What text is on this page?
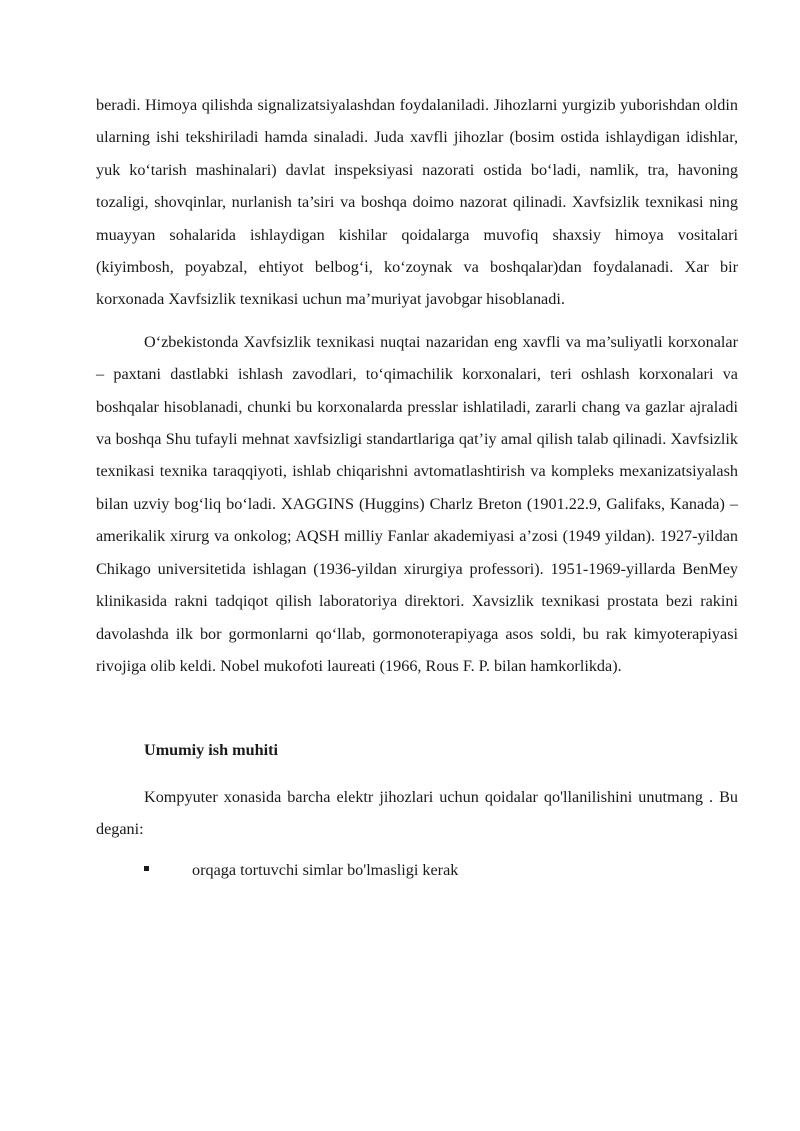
beradi. Himoya qilishda signalizatsiyalashdan foydalaniladi. Jihozlarni yurgizib yuborishdan oldin ularning ishi tekshiriladi hamda sinaladi. Juda xavfli jihozlar (bosim ostida ishlaydigan idishlar, yuk ko‘tarish mashinalari) davlat inspeksiyasi nazorati ostida bo‘ladi, namlik, tra, havoning tozaligi, shovqinlar, nurlanish ta’siri va boshqa doimo nazorat qilinadi. Xavfsizlik texnikasi ning muayyan sohalarida ishlaydigan kishilar qoidalarga muvofiq shaxsiy himoya vositalari (kiyimbosh, poyabzal, ehtiyot belbog‘i, ko‘zoynak va boshqalar)dan foydalanadi. Xar bir korxonada Xavfsizlik texnikasi uchun ma’muriyat javobgar hisoblanadi.

O‘zbekistonda Xavfsizlik texnikasi nuqtai nazaridan eng xavfli va ma’suliyatli korxonalar – paxtani dastlabki ishlash zavodlari, to‘qimachilik korxonalari, teri oshlash korxonalari va boshqalar hisoblanadi, chunki bu korxonalarda presslar ishlatiladi, zararli chang va gazlar ajraladi va boshqa Shu tufayli mehnat xavfsizligi standartlariga qat’iy amal qilish talab qilinadi. Xavfsizlik texnikasi texnika taraqqiyoti, ishlab chiqarishni avtomatlashtirish va kompleks mexanizatsiyalash bilan uzviy bog‘liq bo‘ladi. XAGGINS (Huggins) Charlz Breton (1901.22.9, Galifaks, Kanada) – amerikalik xirurg va onkolog; AQSH milliy Fanlar akademiyasi a’zosi (1949 yildan). 1927-yildan Chikago universitetida ishlagan (1936-yildan xirurgiya professori). 1951-1969-yillarda BenMey klinikasida rakni tadqiqot qilish laboratoriya direktori. Xavsizlik texnikasi prostata bezi rakini davolashda ilk bor gormonlarni qo‘llab, gormonoterapiyaga asos soldi, bu rak kimyoterapiyasi rivojiga olib keldi. Nobel mukofoti laureati (1966, Rous F. P. bilan hamkorlikda).

Umumiy ish muhiti

Kompyuter xonasida barcha elektr jihozlari uchun qoidalar qo'llanilishini unutmang . Bu degani:

orqaga tortuvchi simlar bo'lmasligi kerak
